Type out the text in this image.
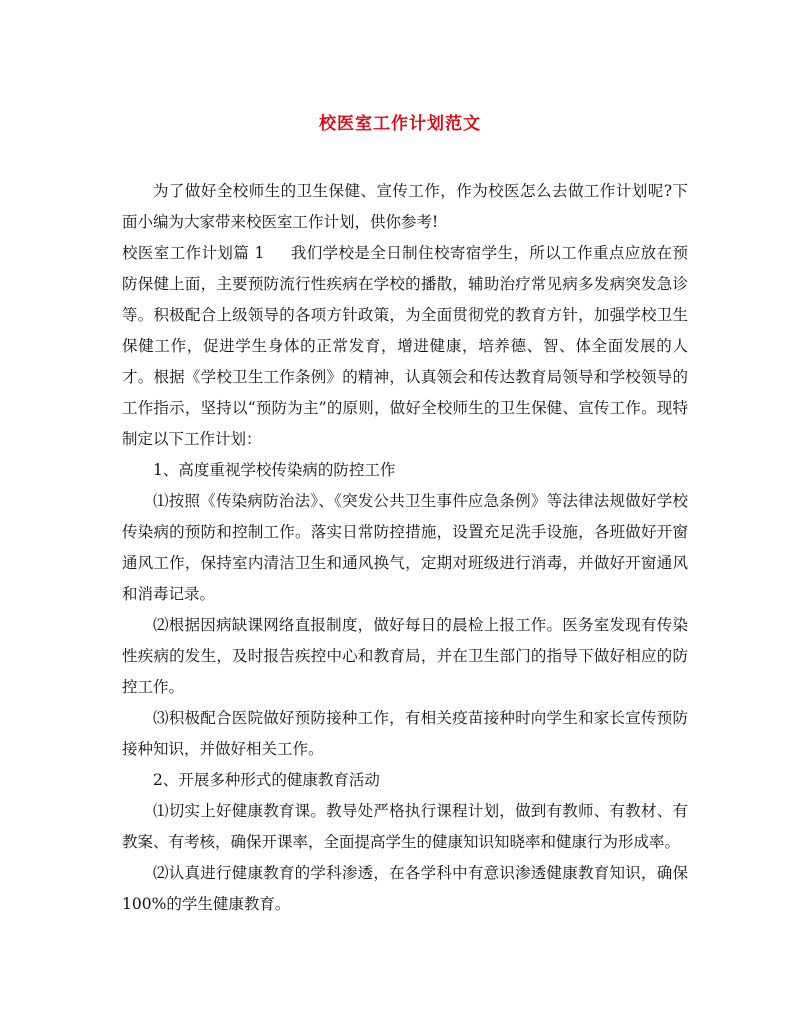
校医室工作计划范文

为了做好全校师生的卫生保健、宣传工作，作为校医怎么去做工作计划呢?下面小编为大家带来校医室工作计划，供你参考!

校医室工作计划篇 1 我们学校是全日制住校寄宿学生，所以工作重点应放在预防保健上面，主要预防流行性疾病在学校的播散，辅助治疗常见病多发病突发急诊等。积极配合上级领导的各项方针政策，为全面贯彻党的教育方针，加强学校卫生保健工作，促进学生身体的正常发育，增进健康，培养德、智、体全面发展的人才。根据《学校卫生工作条例》的精神，认真领会和传达教育局领导和学校领导的工作指示，坚持以“预防为主”的原则，做好全校师生的卫生保健、宣传工作。现特制定以下工作计划：

1、高度重视学校传染病的防控工作

⑴按照《传染病防治法》、《突发公共卫生事件应急条例》等法律法规做好学校传染病的预防和控制工作。落实日常防控措施，设置充足洗手设施，各班做好开窗通风工作，保持室内清洁卫生和通风换气，定期对班级进行消毒，并做好开窗通风和消毒记录。

⑵根据因病缺课网络直报制度，做好每日的晨检上报工作。医务室发现有传染性疾病的发生，及时报告疾控中心和教育局，并在卫生部门的指导下做好相应的防控工作。

⑶积极配合医院做好预防接种工作，有相关疫苗接种时向学生和家长宣传预防接种知识，并做好相关工作。

2、开展多种形式的健康教育活动

⑴切实上好健康教育课。教导处严格执行课程计划，做到有教师、有教材、有教案、有考核，确保开课率，全面提高学生的健康知识知晓率和健康行为形成率。

⑵认真进行健康教育的学科渗透，在各学科中有意识渗透健康教育知识，确保 100%的学生健康教育。
